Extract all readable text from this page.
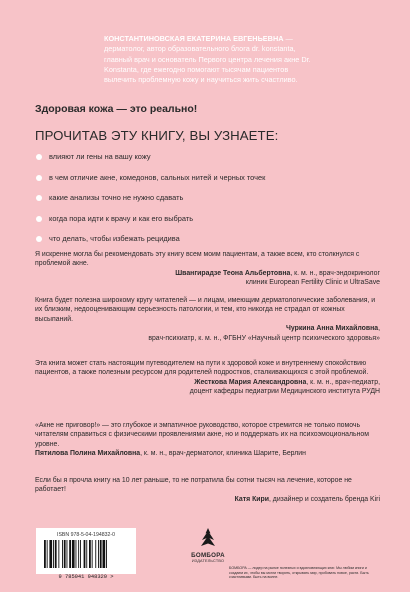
КОНСТАНТИНОВСКАЯ ЕКАТЕРИНА ЕВГЕНЬЕВНА — дерматолог, автор образовательного блога dr. konstanta, главный врач и основатель Первого центра лечения акне Dr. Konstanta, где ежегодно помогают тысячам пациентов вылечить проблемную кожу и научиться жить счастливо.
Здоровая кожа — это реально!
ПРОЧИТАВ ЭТУ КНИГУ, ВЫ УЗНАЕТЕ:
влияют ли гены на вашу кожу
в чем отличие акне, комедонов, сальных нитей и черных точек
какие анализы точно не нужно сдавать
когда пора идти к врачу и как его выбрать
что делать, чтобы избежать рецидива
Я искренне могла бы рекомендовать эту книгу всем моим пациентам, а также всем, кто столкнулся с проблемой акне.
Швангирадзе Теона Альбертовна, к. м. н., врач-эндокринолог
клиник European Fertility Clinic и UltraSave
Книга будет полезна широкому кругу читателей — и лицам, имеющим дерматологические заболевания, и их близким, недооценивающим серьезность патологии, и тем, кто никогда не страдал от кожных высыпаний.
Чуркина Анна Михайловна,
врач-психиатр, к. м. н., ФГБНУ «Научный центр психического здоровья»
Эта книга может стать настоящим путеводителем на пути к здоровой коже и внутреннему спокойствию пациентов, а также полезным ресурсом для родителей подростков, сталкивающихся с этой проблемой.
Жесткова Мария Александровна, к. м. н., врач-педиатр,
доцент кафедры педиатрии Медицинского института РУДН
«Акне не приговор!» — это глубокое и эмпатичное руководство, которое стремится не только помочь читателям справиться с физическими проявлениями акне, но и поддержать их на психоэмоциональном уровне.
Пятилова Полина Михайловна, к. м. н., врач-дерматолог, клиника Шарите, Берлин
Если бы я прочла книгу на 10 лет раньше, то не потратила бы сотни тысяч на лечение, которое не работает!
Катя Кири, дизайнер и создатель бренда Kiri
ISBN 978-5-04-194832-0
9 785041 948320 >
БОМБОРА
ИЗДАТЕЛЬСТВО
БОМБОРА — лидер на рынке полезных и вдохновляющих книг. Мы любим книги и создаем их, чтобы вы могли творить, открывать мир, пробовать новое, расти. Быть счастливыми. Быть на волне.
